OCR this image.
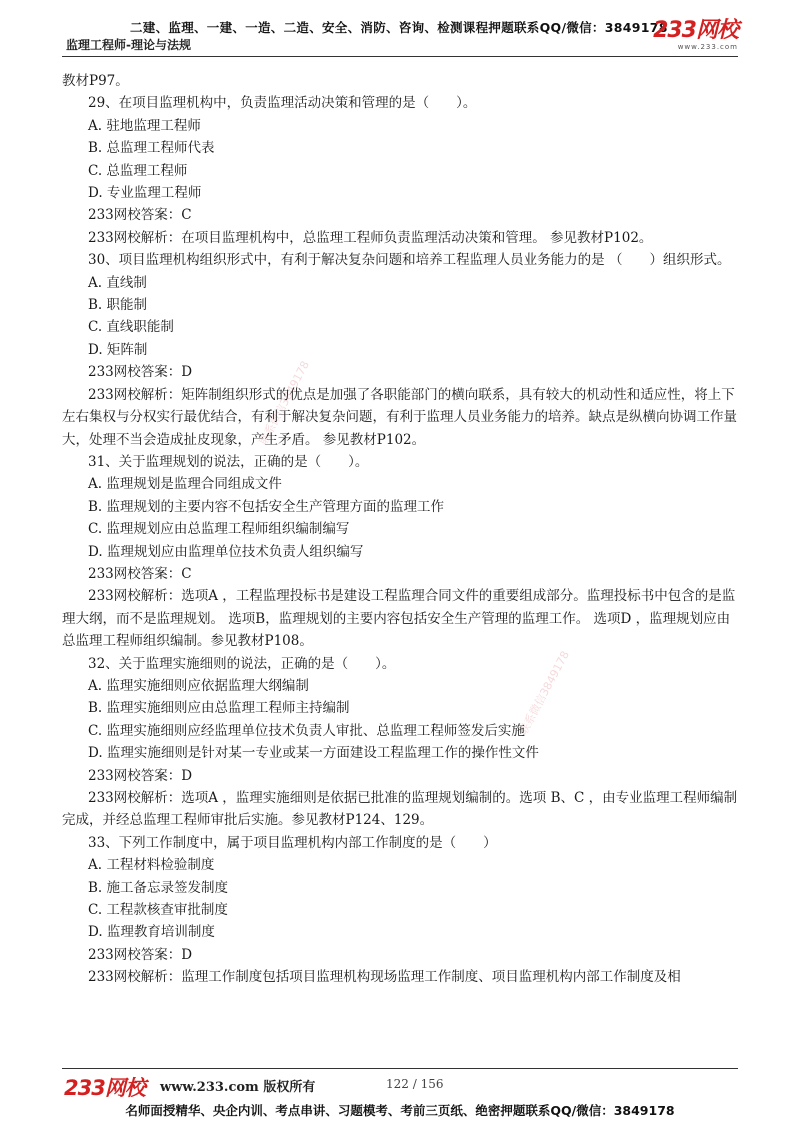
二建、监理、一建、一造、二造、安全、消防、咨询、检测课程押题联系QQ/微信：3849178
监理工程师-理论与法规
233网校
www.233.com
联系微信3849178
联系微信3849178

教材P97。

29、在项目监理机构中，负责监理活动决策和管理的是（　　）。

A. 驻地监理工程师

B. 总监理工程师代表

C. 总监理工程师

D. 专业监理工程师

233网校答案：C

233网校解析：在项目监理机构中，总监理工程师负责监理活动决策和管理。 参见教材P102。

30、项目监理机构组织形式中，有利于解决复杂问题和培养工程监理人员业务能力的是 （　　）组织形式。

A. 直线制

B. 职能制

C. 直线职能制

D. 矩阵制

233网校答案：D

233网校解析：矩阵制组织形式的优点是加强了各职能部门的横向联系，具有较大的机动性和适应性，将上下左右集权与分权实行最优结合，有利于解决复杂问题，有利于监理人员业务能力的培养。缺点是纵横向协调工作量大，处理不当会造成扯皮现象，产生矛盾。 参见教材P102。

31、关于监理规划的说法，正确的是（　　）。

A. 监理规划是监理合同组成文件

B. 监理规划的主要内容不包括安全生产管理方面的监理工作

C. 监理规划应由总监理工程师组织编制编写

D. 监理规划应由监理单位技术负责人组织编写

233网校答案：C

233网校解析：选项A ，工程监理投标书是建设工程监理合同文件的重要组成部分。监理投标书中包含的是监理大纲，而不是监理规划。 选项B，监理规划的主要内容包括安全生产管理的监理工作。 选项D ，监理规划应由总监理工程师组织编制。参见教材P108。

32、关于监理实施细则的说法，正确的是（　　）。

A. 监理实施细则应依据监理大纲编制

B. 监理实施细则应由总监理工程师主持编制

C. 监理实施细则应经监理单位技术负责人审批、总监理工程师签发后实施

D. 监理实施细则是针对某一专业或某一方面建设工程监理工作的操作性文件

233网校答案：D

233网校解析：选项A ，监理实施细则是依据已批准的监理规划编制的。选项 B、C ，由专业监理工程师编制完成，并经总监理工程师审批后实施。参见教材P124、129。

33、下列工作制度中，属于项目监理机构内部工作制度的是（　　）

A. 工程材料检验制度

B. 施工备忘录签发制度

C. 工程款核查审批制度

D. 监理教育培训制度

233网校答案：D

233网校解析：监理工作制度包括项目监理机构现场监理工作制度、项目监理机构内部工作制度及相

233网校 www.233.com 版权所有	122 / 156
名师面授精华、央企内训、考点串讲、习题模考、考前三页纸、绝密押题联系QQ/微信：3849178
